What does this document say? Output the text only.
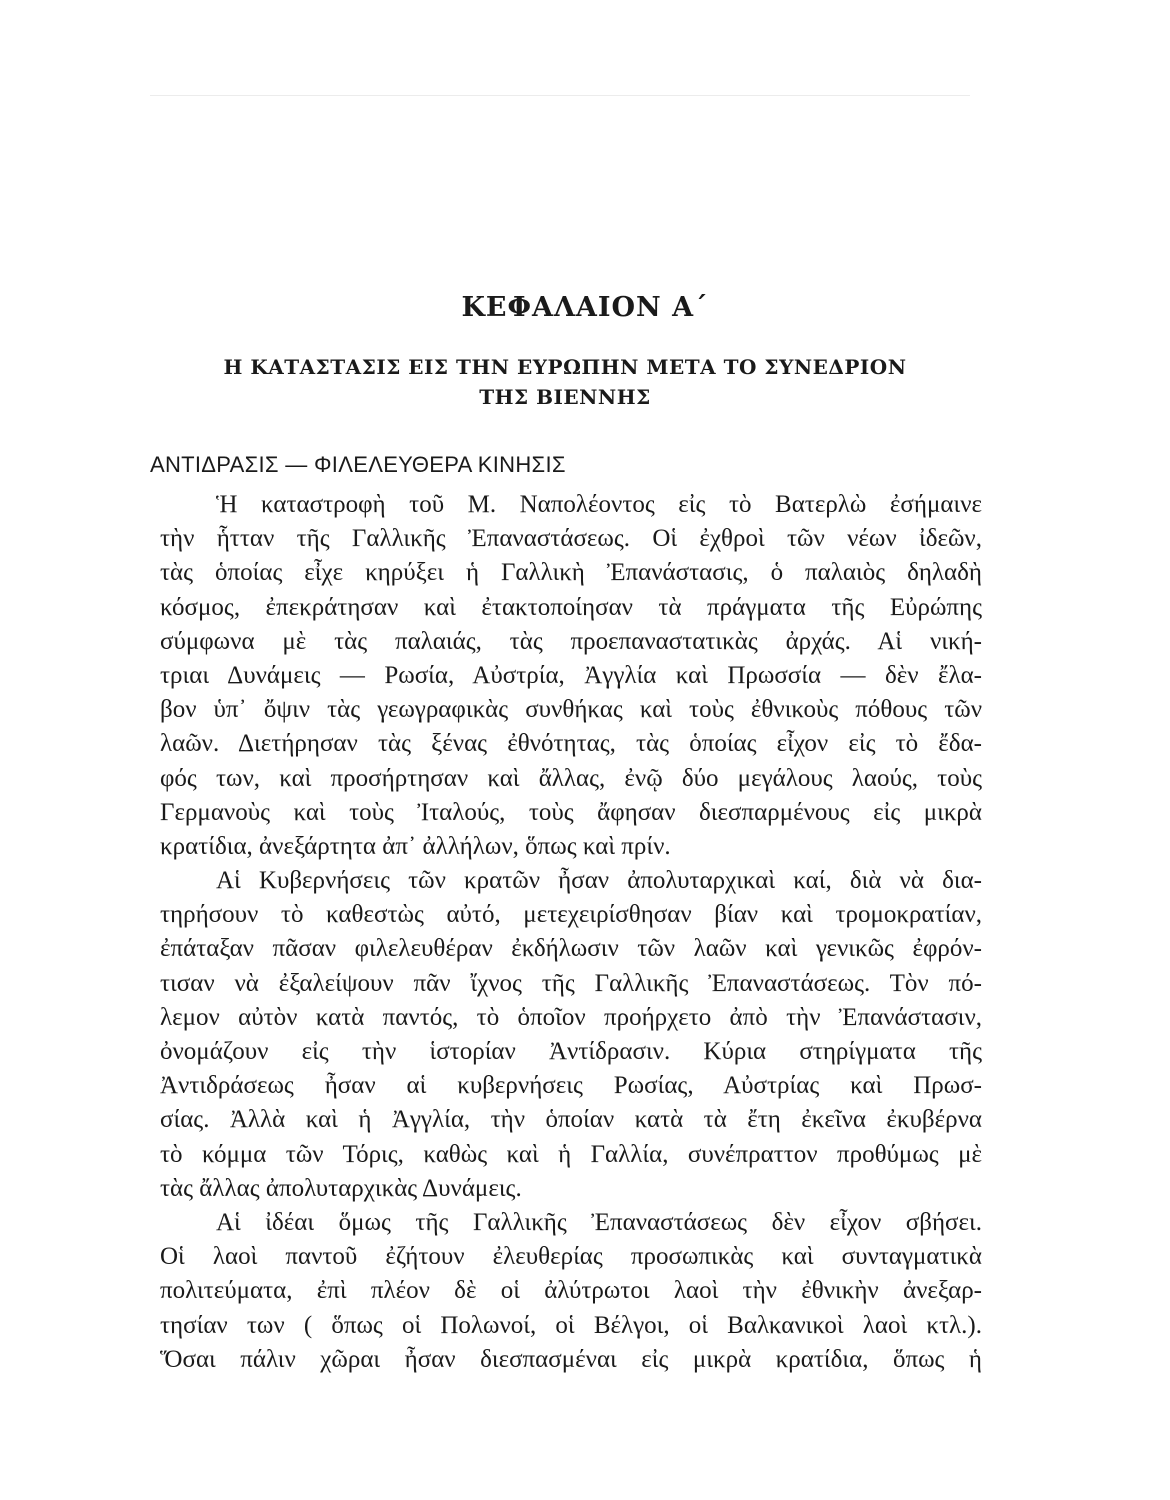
ΚΕΦΑΛΑΙΟΝ Α΄
Η ΚΑΤΑΣΤΑΣΙΣ ΕΙΣ ΤΗΝ ΕΥΡΩΠΗΝ ΜΕΤΑ ΤΟ ΣΥΝΕΔΡΙΟΝ
ΤΗΣ ΒΙΕΝΝΗΣ
ΑΝΤΙΔΡΑΣΙΣ — ΦΙΛΕΛΕΥΘΕΡΑ ΚΙΝΗΣΙΣ
Ἡ καταστροφὴ τοῦ Μ. Ναπολέοντος εἰς τὸ Βατερλὼ ἐσήμαινε
τὴν ἧτταν τῆς Γαλλικῆς Ἐπαναστάσεως. Οἱ ἐχθροὶ τῶν νέων ἰδεῶν,
τὰς ὁποίας εἶχε κηρύξει ἡ Γαλλικὴ Ἐπανάστασις, ὁ παλαιὸς δηλαδὴ
κόσμος, ἐπεκράτησαν καὶ ἐτακτοποίησαν τὰ πράγματα τῆς Εὐρώπης
σύμφωνα μὲ τὰς παλαιάς, τὰς προεπαναστατικὰς ἀρχάς. Αἱ νική-
τριαι Δυνάμεις — Ρωσία, Αὐστρία, Ἀγγλία καὶ Πρωσσία — δὲν ἔλα-
βον ὑπ᾿ ὄψιν τὰς γεωγραφικὰς συνθήκας καὶ τοὺς ἐθνικοὺς πόθους τῶν
λαῶν. Διετήρησαν τὰς ξένας ἐθνότητας, τὰς ὁποίας εἶχον εἰς τὸ ἔδα-
φός των, καὶ προσήρτησαν καὶ ἄλλας, ἐνῷ δύο μεγάλους λαούς, τοὺς
Γερμανοὺς καὶ τοὺς Ἰταλούς, τοὺς ἄφησαν διεσπαρμένους εἰς μικρὰ
κρατίδια, ἀνεξάρτητα ἀπ᾿ ἀλλήλων, ὅπως καὶ πρίν.
Αἱ Κυβερνήσεις τῶν κρατῶν ἦσαν ἀπολυταρχικαὶ καί, διὰ νὰ δια-
τηρήσουν τὸ καθεστὼς αὐτό, μετεχειρίσθησαν βίαν καὶ τρομοκρατίαν,
ἐπάταξαν πᾶσαν φιλελευθέραν ἐκδήλωσιν τῶν λαῶν καὶ γενικῶς ἐφρόν-
τισαν νὰ ἐξαλείψουν πᾶν ἴχνος τῆς Γαλλικῆς Ἐπαναστάσεως. Τὸν πό-
λεμον αὐτὸν κατὰ παντός, τὸ ὁποῖον προήρχετο ἀπὸ τὴν Ἐπανάστασιν,
ὀνομάζουν εἰς τὴν ἱστορίαν Ἀντίδρασιν. Κύρια στηρίγματα τῆς
Ἀντιδράσεως ἦσαν αἱ κυβερνήσεις Ρωσίας, Αὐστρίας καὶ Πρωσ-
σίας. Ἀλλὰ καὶ ἡ Ἀγγλία, τὴν ὁποίαν κατὰ τὰ ἔτη ἐκεῖνα ἐκυβέρνα
τὸ κόμμα τῶν Τόρις, καθὼς καὶ ἡ Γαλλία, συνέπραττον προθύμως μὲ
τὰς ἄλλας ἀπολυταρχικὰς Δυνάμεις.
Αἱ ἰδέαι ὅμως τῆς Γαλλικῆς Ἐπαναστάσεως δὲν εἶχον σβήσει.
Οἱ λαοὶ παντοῦ ἐζήτουν ἐλευθερίας προσωπικὰς καὶ συνταγματικὰ
πολιτεύματα, ἐπὶ πλέον δὲ οἱ ἀλύτρωτοι λαοὶ τὴν ἐθνικὴν ἀνεξαρ-
τησίαν των ( ὅπως οἱ Πολωνοί, οἱ Βέλγοι, οἱ Βαλκανικοὶ λαοὶ κτλ.).
Ὅσαι πάλιν χῶραι ἦσαν διεσπασμέναι εἰς μικρὰ κρατίδια, ὅπως ἡ
